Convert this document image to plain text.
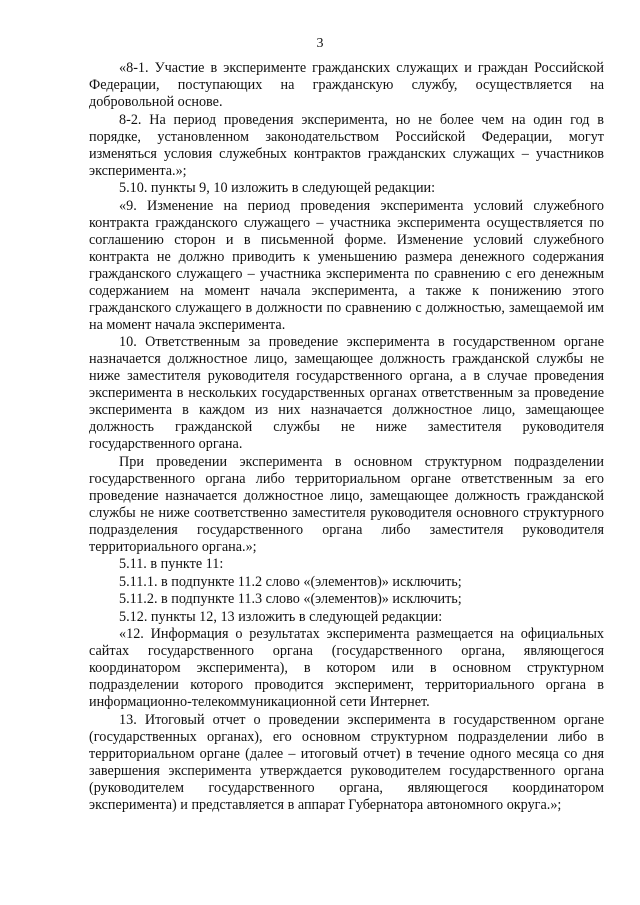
3

«8-1. Участие в эксперименте гражданских служащих и граждан Российской Федерации, поступающих на гражданскую службу, осуществляется на добровольной основе.

8-2. На период проведения эксперимента, но не более чем на один год в порядке, установленном законодательством Российской Федерации, могут изменяться условия служебных контрактов гражданских служащих – участников эксперимента.»;

5.10. пункты 9, 10 изложить в следующей редакции:

«9. Изменение на период проведения эксперимента условий служебного контракта гражданского служащего – участника эксперимента осуществляется по соглашению сторон и в письменной форме. Изменение условий служебного контракта не должно приводить к уменьшению размера денежного содержания гражданского служащего – участника эксперимента по сравнению с его денежным содержанием на момент начала эксперимента, а также к понижению этого гражданского служащего в должности по сравнению с должностью, замещаемой им на момент начала эксперимента.

10. Ответственным за проведение эксперимента в государственном органе назначается должностное лицо, замещающее должность гражданской службы не ниже заместителя руководителя государственного органа, а в случае проведения эксперимента в нескольких государственных органах ответственным за проведение эксперимента в каждом из них назначается должностное лицо, замещающее должность гражданской службы не ниже заместителя руководителя государственного органа.

При проведении эксперимента в основном структурном подразделении государственного органа либо территориальном органе ответственным за его проведение назначается должностное лицо, замещающее должность гражданской службы не ниже соответственно заместителя руководителя основного структурного подразделения государственного органа либо заместителя руководителя территориального органа.»;

5.11. в пункте 11:

5.11.1. в подпункте 11.2 слово «(элементов)» исключить;

5.11.2. в подпункте 11.3 слово «(элементов)» исключить;

5.12. пункты 12, 13 изложить в следующей редакции:

«12. Информация о результатах эксперимента размещается на официальных сайтах государственного органа (государственного органа, являющегося координатором эксперимента), в котором или в основном структурном подразделении которого проводится эксперимент, территориального органа в информационно-телекоммуникационной сети Интернет.

13. Итоговый отчет о проведении эксперимента в государственном органе (государственных органах), его основном структурном подразделении либо в территориальном органе (далее – итоговый отчет) в течение одного месяца со дня завершения эксперимента утверждается руководителем государственного органа (руководителем государственного органа, являющегося координатором эксперимента) и представляется в аппарат Губернатора автономного округа.»;
